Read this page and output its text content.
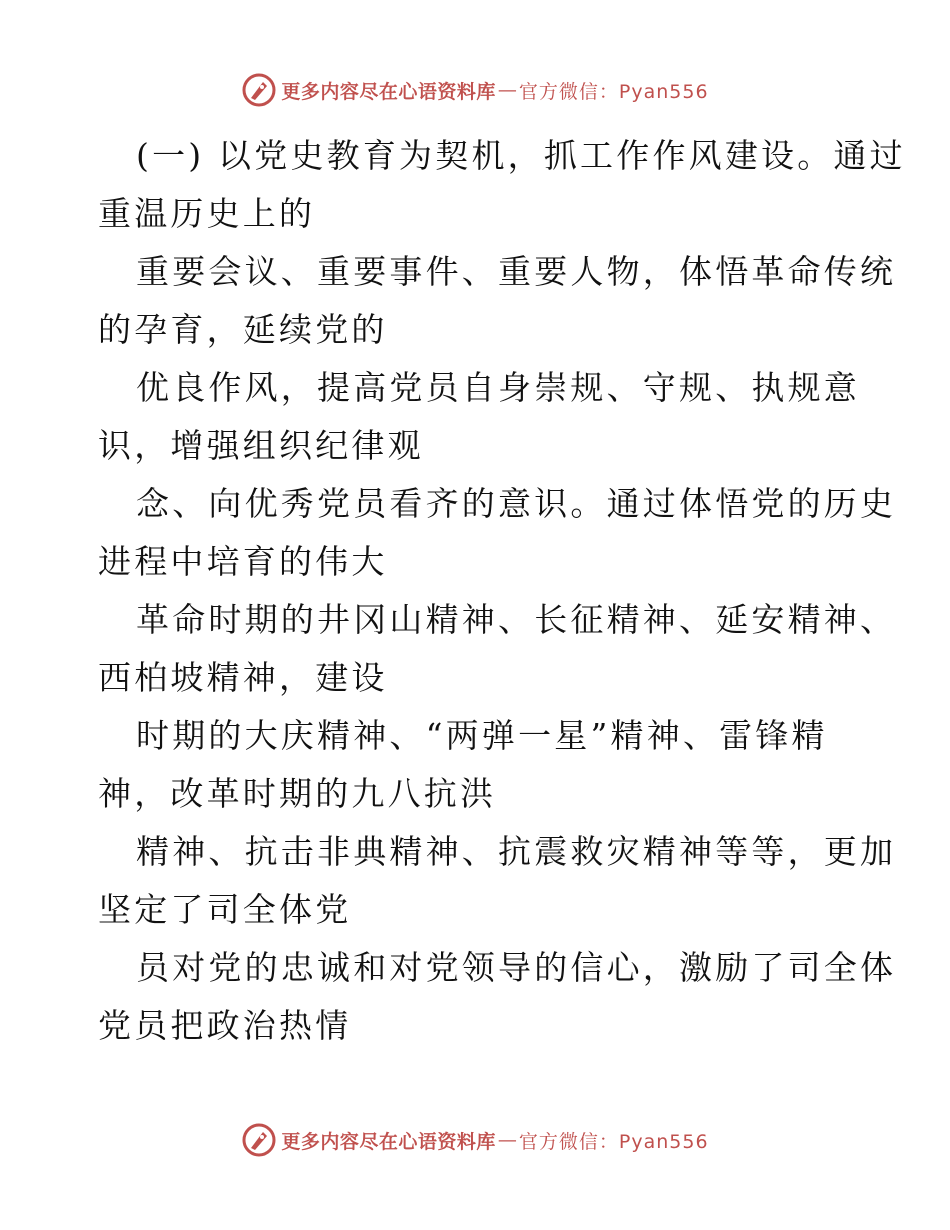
更多内容尽在心语资料库 — 官方微信：Pyan556
(一) 以党史教育为契机，抓工作作风建设。通过
重温历史上的
重要会议、重要事件、重要人物，体悟革命传统
的孕育，延续党的
优良作风，提高党员自身崇规、守规、执规意
识，增强组织纪律观
念、向优秀党员看齐的意识。通过体悟党的历史
进程中培育的伟大
革命时期的井冈山精神、长征精神、延安精神、
西柏坡精神，建设
时期的大庆精神、“两弹一星”精神、雷锋精
神，改革时期的九八抗洪
精神、抗击非典精神、抗震救灾精神等等，更加
坚定了司全体党
员对党的忠诚和对党领导的信心，激励了司全体
党员把政治热情
更多内容尽在心语资料库 — 官方微信：Pyan556
